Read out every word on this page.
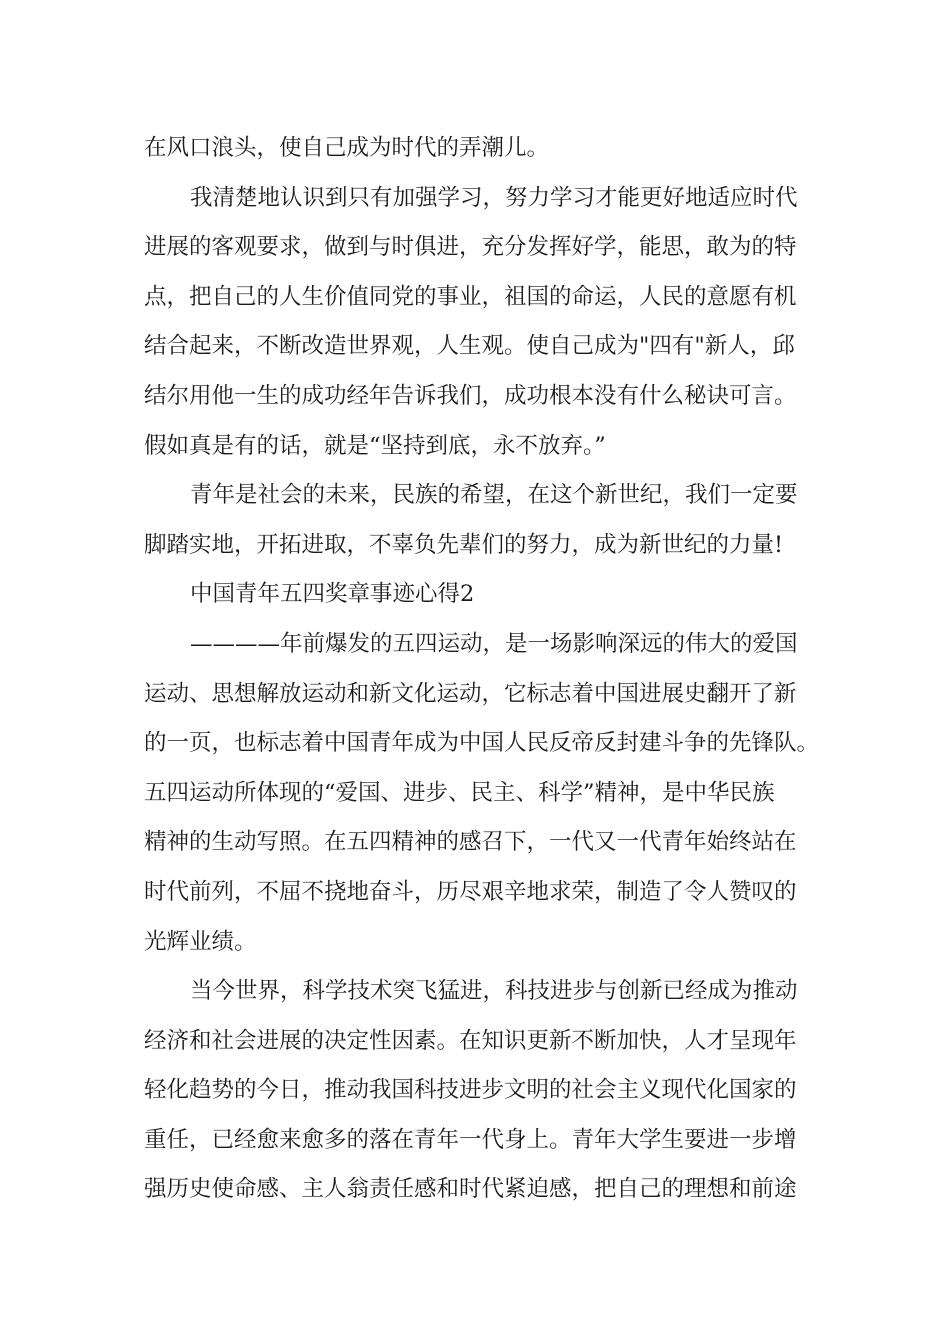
在风口浪头，使自己成为时代的弄潮儿。
我清楚地认识到只有加强学习，努力学习才能更好地适应时代
进展的客观要求，做到与时俱进，充分发挥好学，能思，敢为的特
点，把自己的人生价值同党的事业，祖国的命运，人民的意愿有机
结合起来，不断改造世界观，人生观。使自己成为"四有"新人，邱
结尔用他一生的成功经年告诉我们，成功根本没有什么秘诀可言。
假如真是有的话，就是“坚持到底，永不放弃。”
青年是社会的未来，民族的希望，在这个新世纪，我们一定要
脚踏实地，开拓进取，不辜负先辈们的努力，成为新世纪的力量!
中国青年五四奖章事迹心得2
————年前爆发的五四运动，是一场影响深远的伟大的爱国
运动、思想解放运动和新文化运动，它标志着中国进展史翻开了新
的一页，也标志着中国青年成为中国人民反帝反封建斗争的先锋队。
五四运动所体现的“爱国、进步、民主、科学”精神，是中华民族
精神的生动写照。在五四精神的感召下，一代又一代青年始终站在
时代前列，不屈不挠地奋斗，历尽艰辛地求荣，制造了令人赞叹的
光辉业绩。
当今世界，科学技术突飞猛进，科技进步与创新已经成为推动
经济和社会进展的决定性因素。在知识更新不断加快，人才呈现年
轻化趋势的今日，推动我国科技进步文明的社会主义现代化国家的
重任，已经愈来愈多的落在青年一代身上。青年大学生要进一步增
强历史使命感、主人翁责任感和时代紧迫感，把自己的理想和前途
